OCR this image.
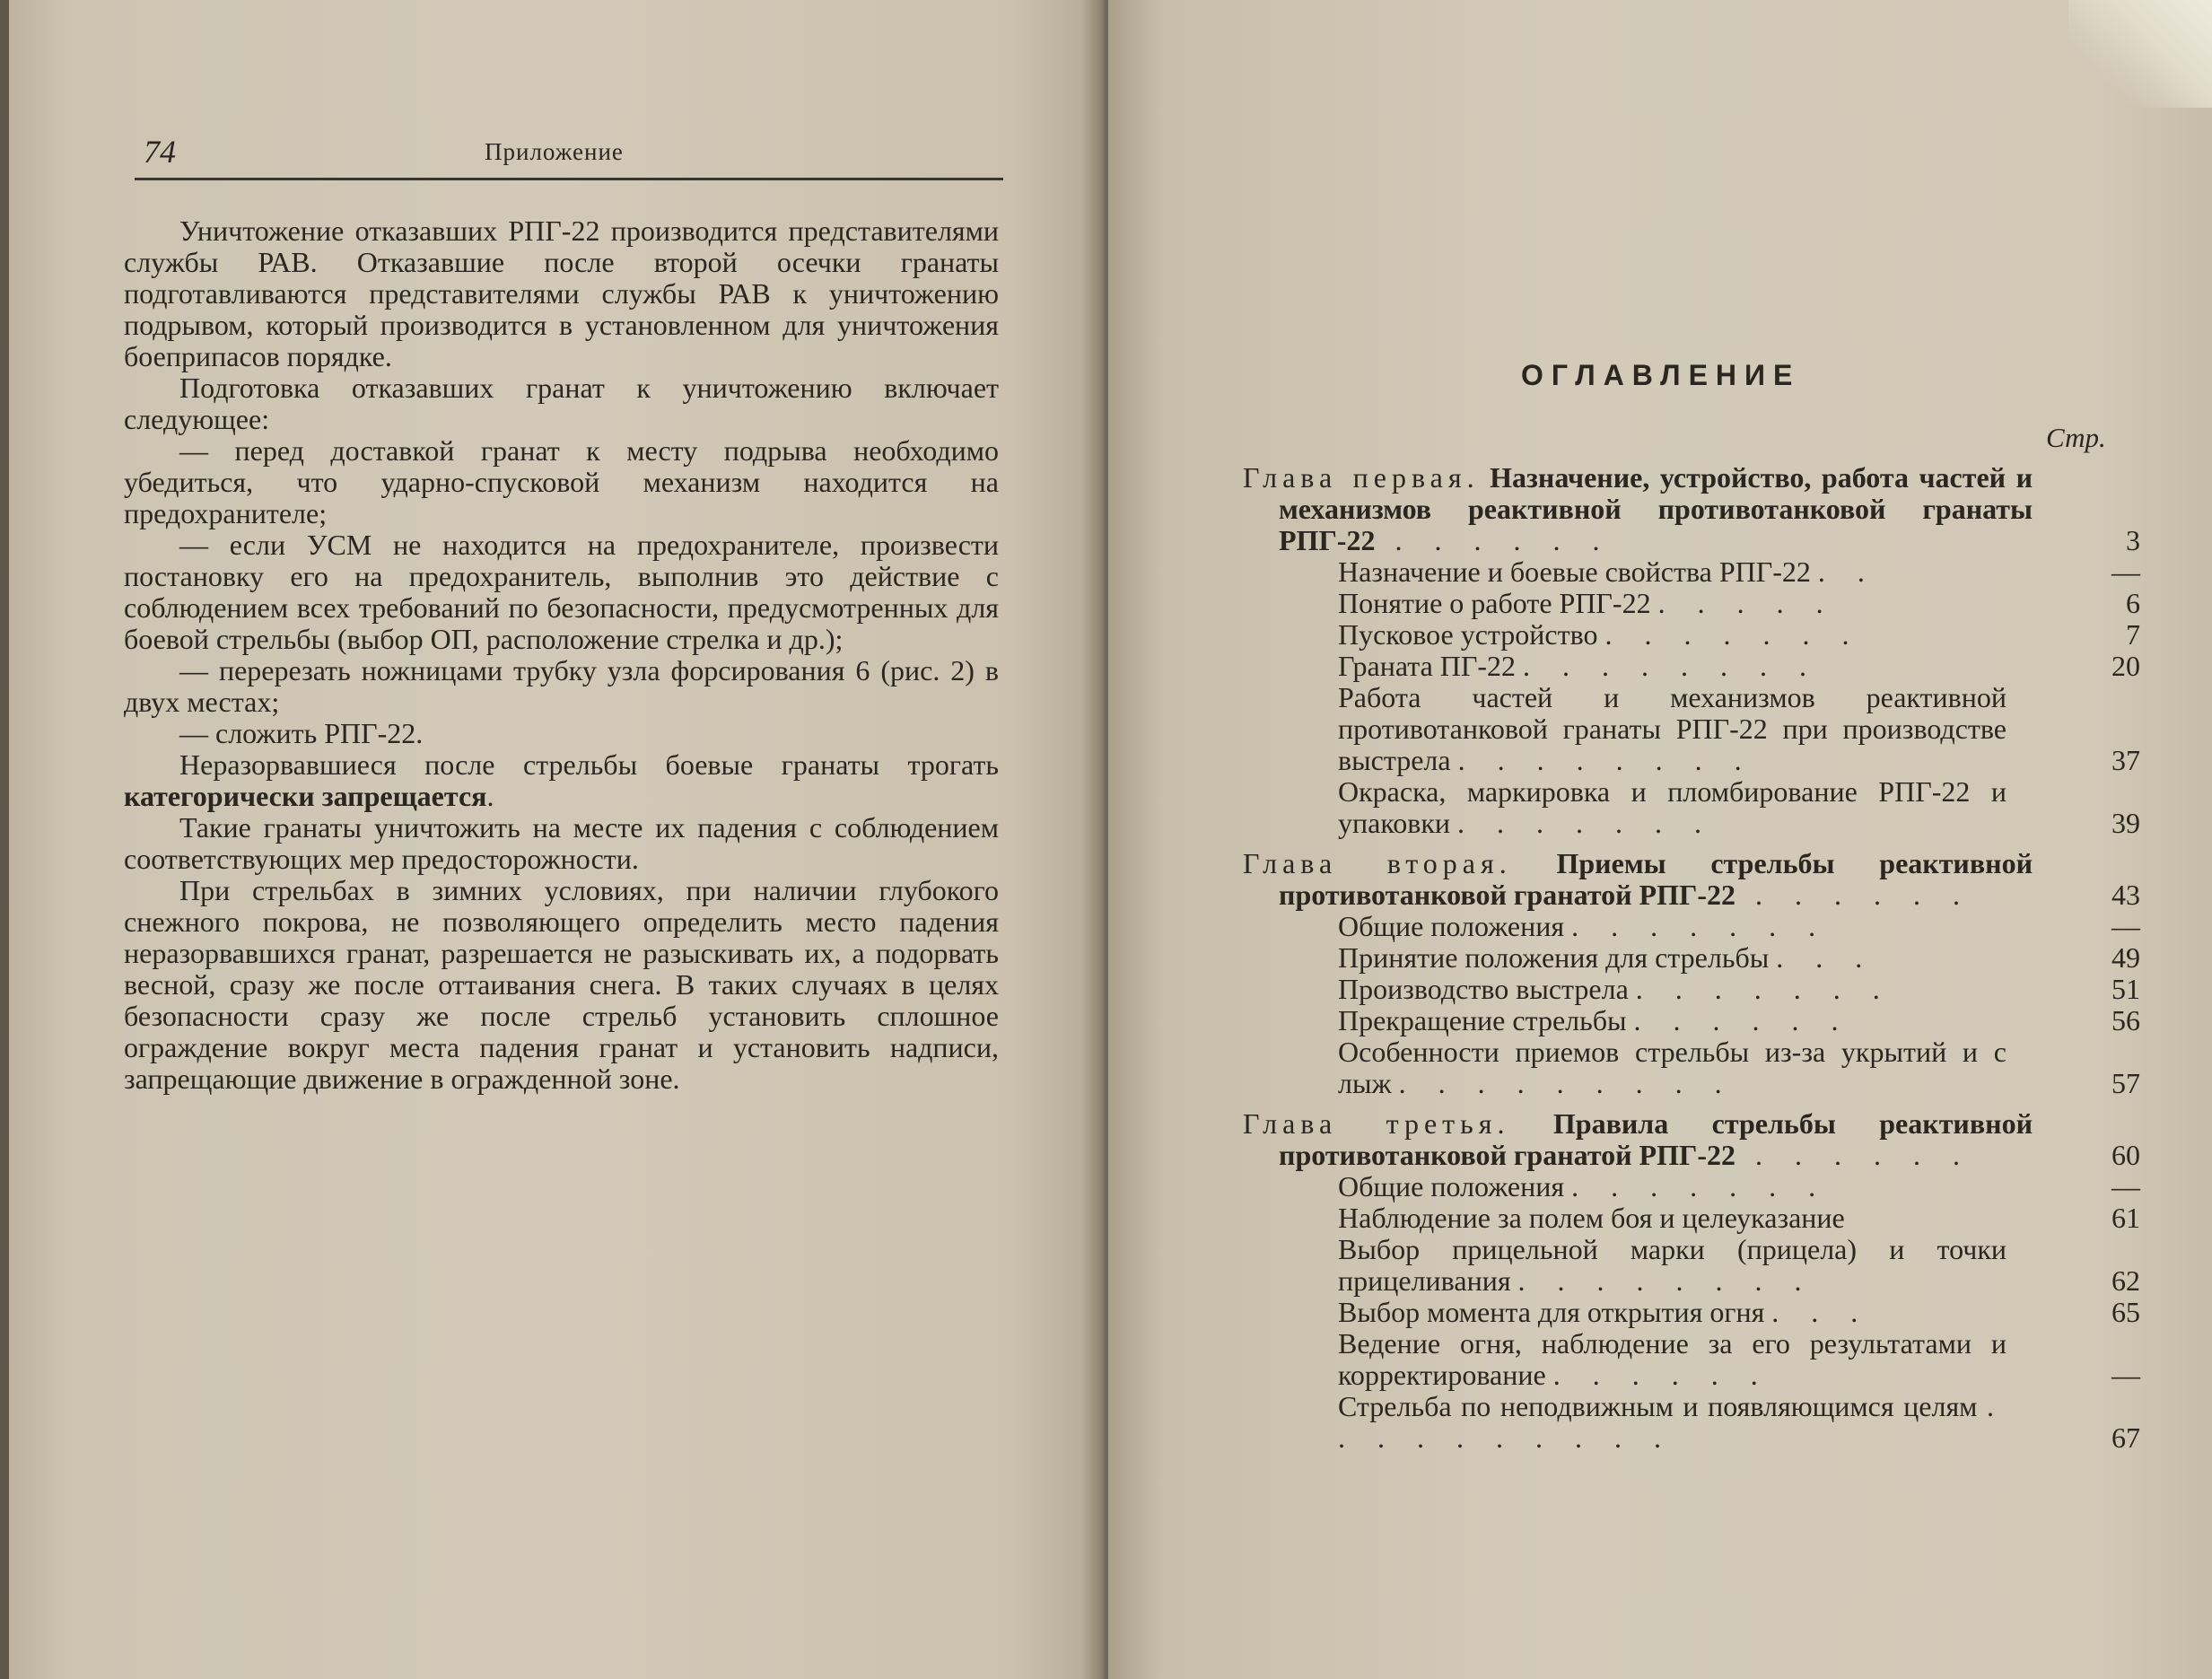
74	Приложение

Уничтожение отказавших РПГ-22 производится представителями службы РАВ. Отказавшие после второй осечки гранаты подготавливаются представителями службы РАВ к уничтожению подрывом, который производится в установленном для уничтожения боеприпасов порядке.

Подготовка отказавших гранат к уничтожению включает следующее:

— перед доставкой гранат к месту подрыва необходимо убедиться, что ударно-спусковой механизм находится на предохранителе;

— если УСМ не находится на предохранителе, произвести постановку его на предохранитель, выполнив это действие с соблюдением всех требований по безопасности, предусмотренных для боевой стрельбы (выбор ОП, расположение стрелка и др.);

— перерезать ножницами трубку узла форсирования 6 (рис. 2) в двух местах;

— сложить РПГ-22.

Неразорвавшиеся после стрельбы боевые гранаты трогать категорически запрещается.

Такие гранаты уничтожить на месте их падения с соблюдением соответствующих мер предосторожности.

При стрельбах в зимних условиях, при наличии глубокого снежного покрова, не позволяющего определить место падения неразорвавшихся гранат, разрешается не разыскивать их, а подорвать весной, сразу же после оттаивания снега. В таких случаях в целях безопасности сразу же после стрельб установить сплошное ограждение вокруг места падения гранат и установить надписи, запрещающие движение в огражденной зоне.

ОГЛАВЛЕНИЕ
Стр.
Глава первая. Назначение, устройство, работа частей и механизмов реактивной противотанковой гранаты РПГ-22 . . . . . .	3
Назначение и боевые свойства РПГ-22 . .	—
Понятие о работе РПГ-22 . . . . .	6
Пусковое устройство . . . . . . .	7
Граната ПГ-22 . . . . . . . .	20
Работа частей и механизмов реактивной противотанковой гранаты РПГ-22 при производстве выстрела . . . . . . . .	37
Окраска, маркировка и пломбирование РПГ-22 и упаковки . . . . . . .	39
Глава вторая. Приемы стрельбы реактивной противотанковой гранатой РПГ-22 . . . . . .	43
Общие положения . . . . . . .	—
Принятие положения для стрельбы . . .	49
Производство выстрела . . . . . . .	51
Прекращение стрельбы . . . . . .	56
Особенности приемов стрельбы из-за укрытий и с лыж . . . . . . . . .	57
Глава третья. Правила стрельбы реактивной противотанковой гранатой РПГ-22 . . . . . .	60
Общие положения . . . . . . .	—
Наблюдение за полем боя и целеуказание	61
Выбор прицельной марки (прицела) и точки прицеливания . . . . . . . .	62
Выбор момента для открытия огня . . .	65
Ведение огня, наблюдение за его результатами и корректирование . . . . . .	—
Стрельба по неподвижным и появляющимся целям . . . . . . . . . .	67
